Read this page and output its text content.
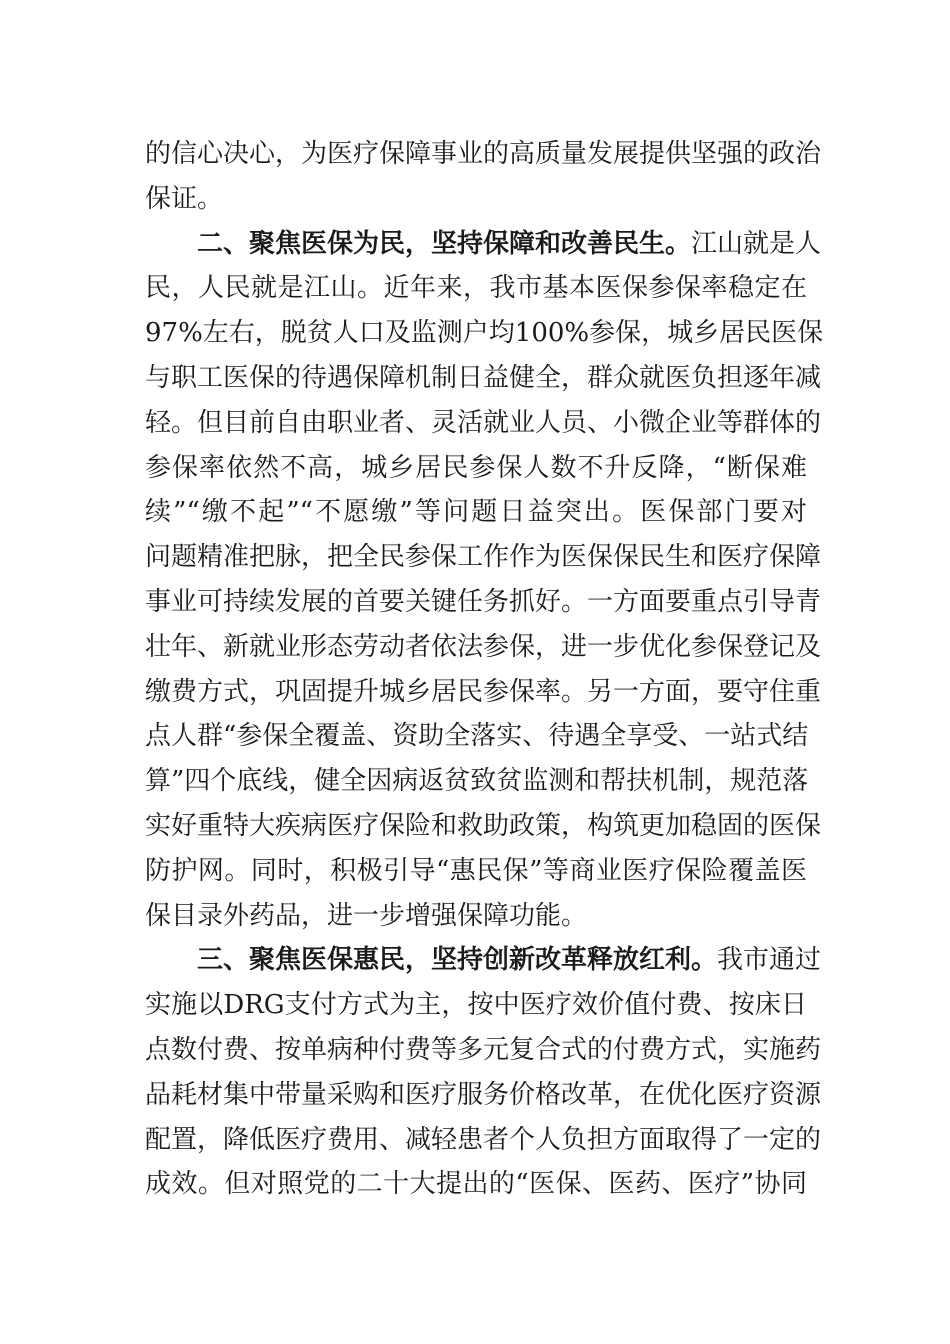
的信心决心，为医疗保障事业的高质量发展提供坚强的政治
保证。
二、聚焦医保为民，坚持保障和改善民生。江山就是人
民，人民就是江山。近年来，我市基本医保参保率稳定在
97%左右，脱贫人口及监测户均100%参保，城乡居民医保
与职工医保的待遇保障机制日益健全，群众就医负担逐年减
轻。但目前自由职业者、灵活就业人员、小微企业等群体的
参保率依然不高，城乡居民参保人数不升反降，“断保难
续”“缴不起”“不愿缴”等问题日益突出。医保部门要对
问题精准把脉，把全民参保工作作为医保保民生和医疗保障
事业可持续发展的首要关键任务抓好。一方面要重点引导青
壮年、新就业形态劳动者依法参保，进一步优化参保登记及
缴费方式，巩固提升城乡居民参保率。另一方面，要守住重
点人群“参保全覆盖、资助全落实、待遇全享受、一站式结
算”四个底线，健全因病返贫致贫监测和帮扶机制，规范落
实好重特大疾病医疗保险和救助政策，构筑更加稳固的医保
防护网。同时，积极引导“惠民保”等商业医疗保险覆盖医
保目录外药品，进一步增强保障功能。
三、聚焦医保惠民，坚持创新改革释放红利。我市通过
实施以DRG支付方式为主，按中医疗效价值付费、按床日
点数付费、按单病种付费等多元复合式的付费方式，实施药
品耗材集中带量采购和医疗服务价格改革，在优化医疗资源
配置，降低医疗费用、减轻患者个人负担方面取得了一定的
成效。但对照党的二十大提出的“医保、医药、医疗”协同
